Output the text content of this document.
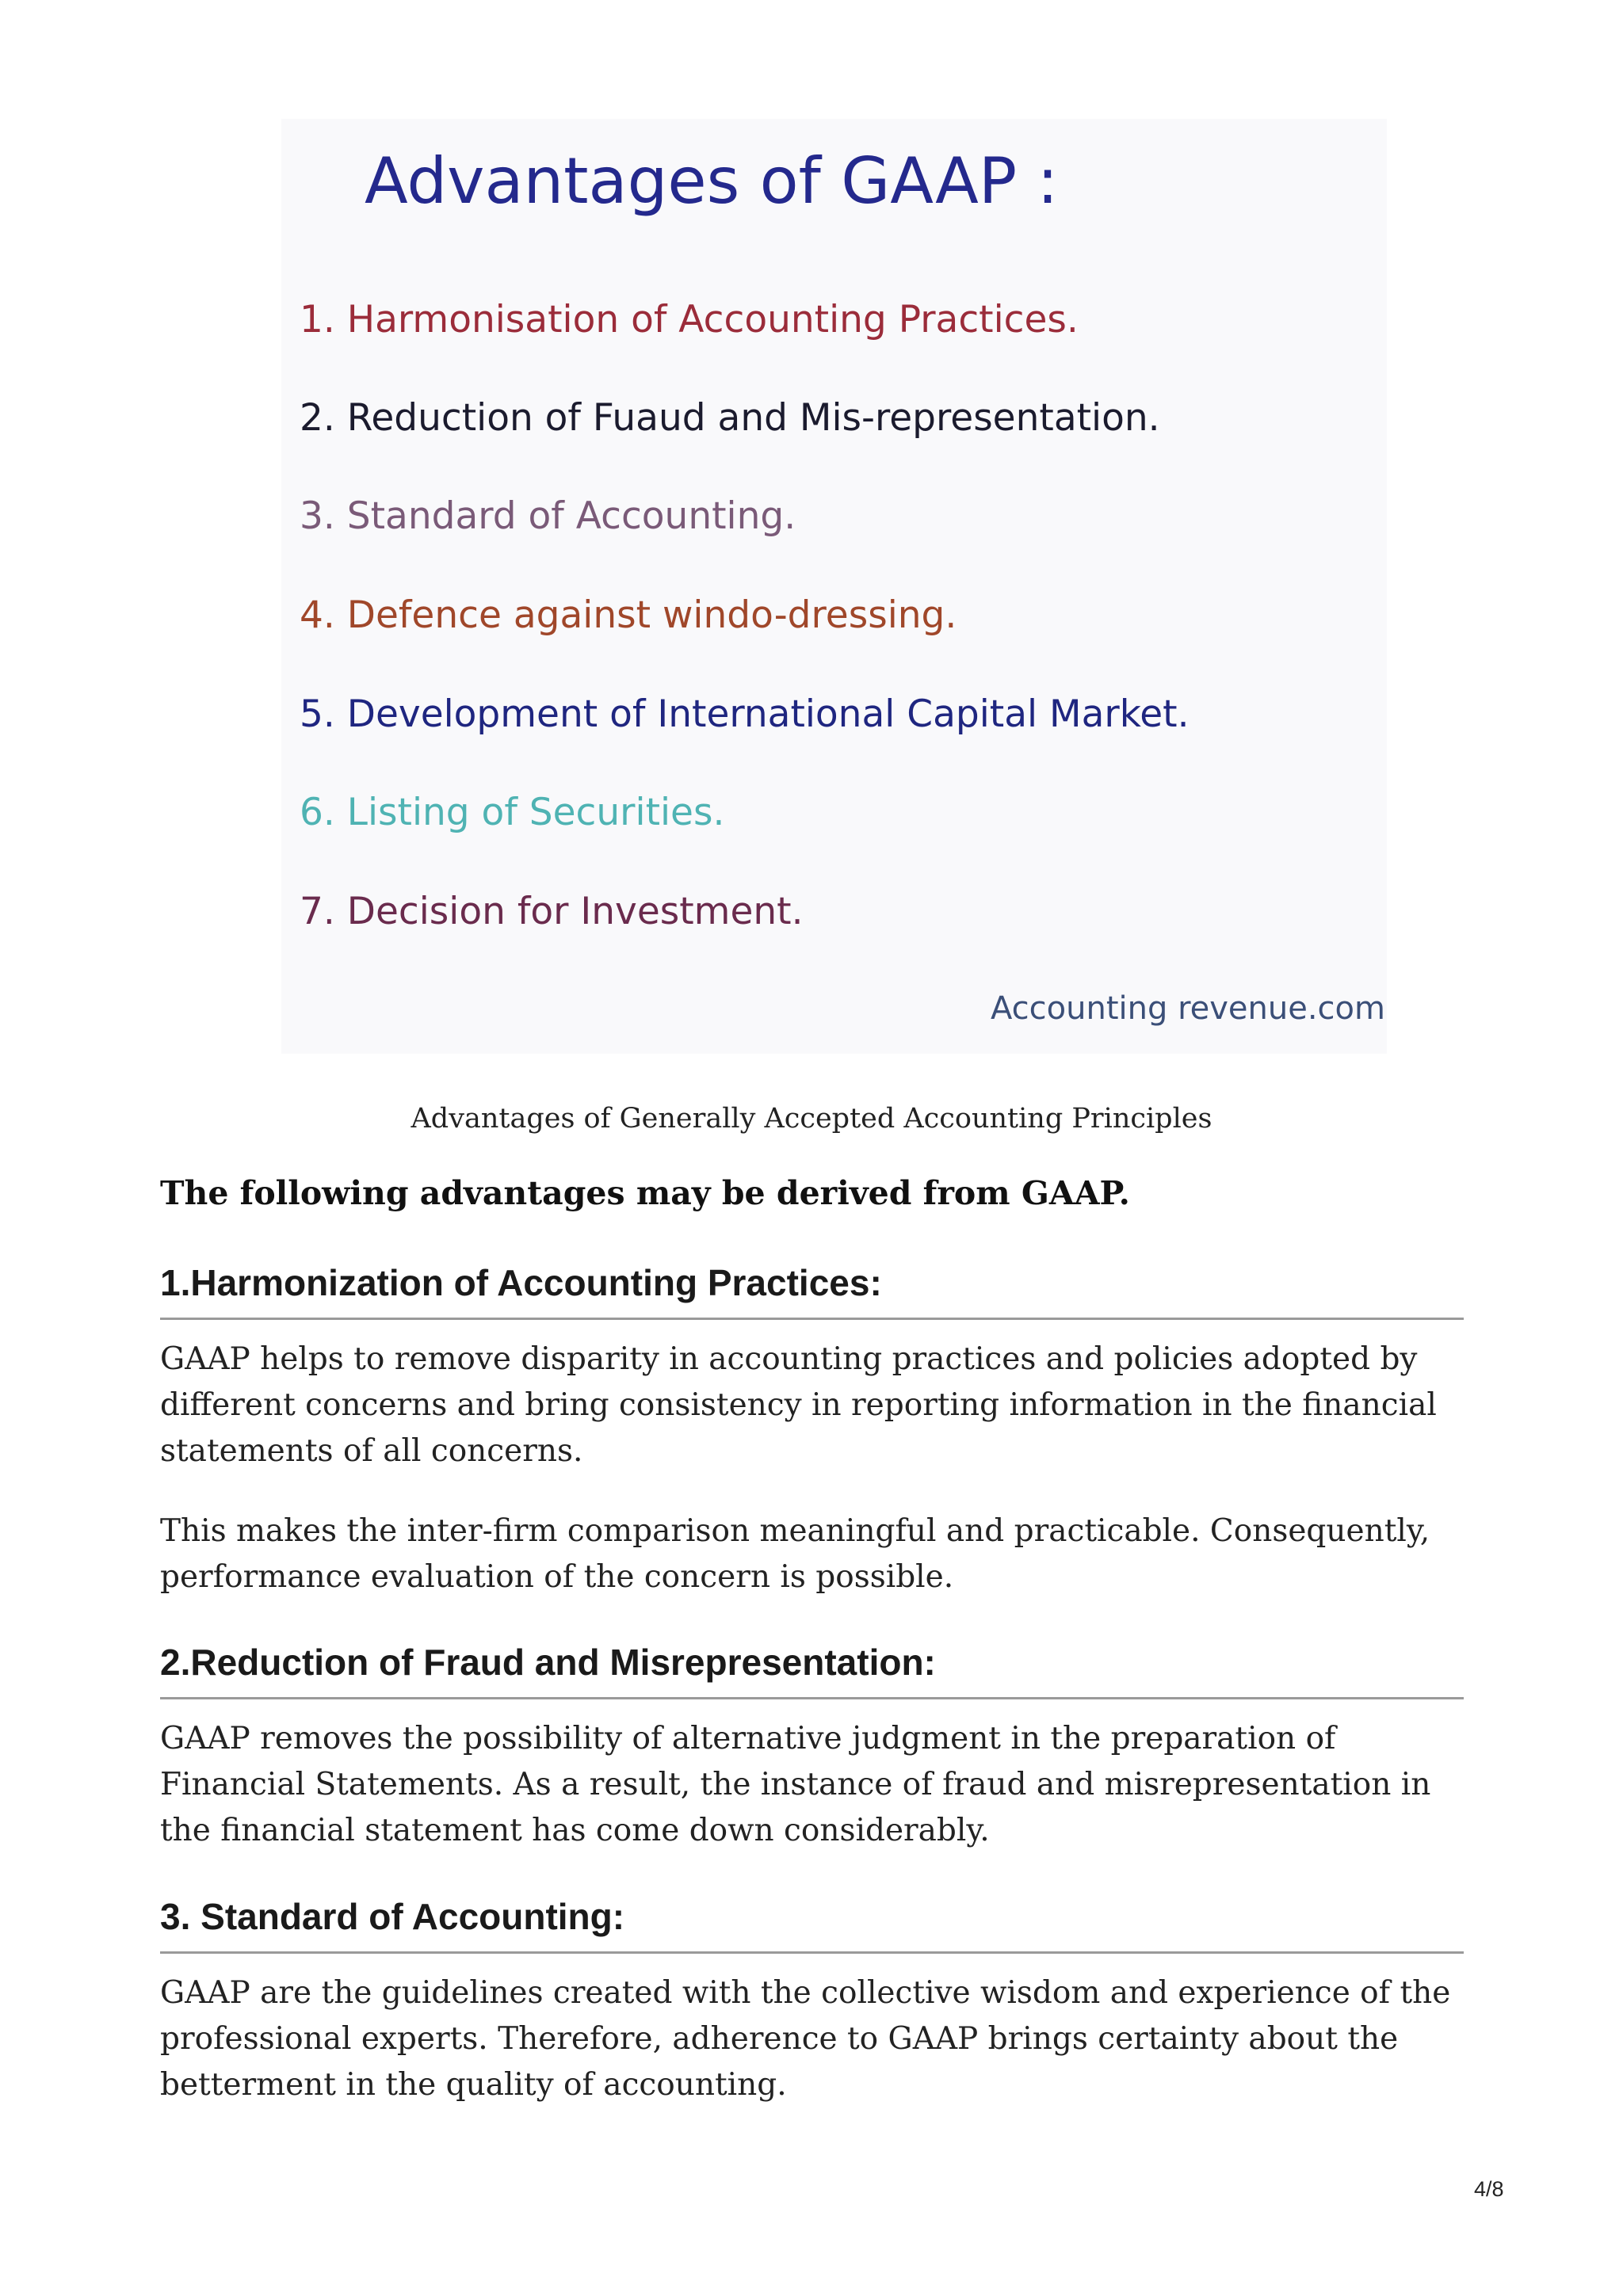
Advantages of GAAP :
1. Harmonisation of Accounting Practices.
2. Reduction of Fuaud and Mis-representation.
3. Standard of Accounting.
4. Defence against windo-dressing.
5. Development of International Capital Market.
6. Listing of Securities.
7. Decision for Investment.
Accounting revenue.com
Advantages of Generally Accepted Accounting Principles
The following advantages may be derived from GAAP.
1.Harmonization of Accounting Practices:
GAAP helps to remove disparity in accounting practices and policies adopted by different concerns and bring consistency in reporting information in the financial statements of all concerns.
This makes the inter-firm comparison meaningful and practicable. Consequently, performance evaluation of the concern is possible.
2.Reduction of Fraud and Misrepresentation:
GAAP removes the possibility of alternative judgment in the preparation of Financial Statements. As a result, the instance of fraud and misrepresentation in the financial statement has come down considerably.
3. Standard of Accounting:
GAAP are the guidelines created with the collective wisdom and experience of the professional experts. Therefore, adherence to GAAP brings certainty about the betterment in the quality of accounting.
4/8
